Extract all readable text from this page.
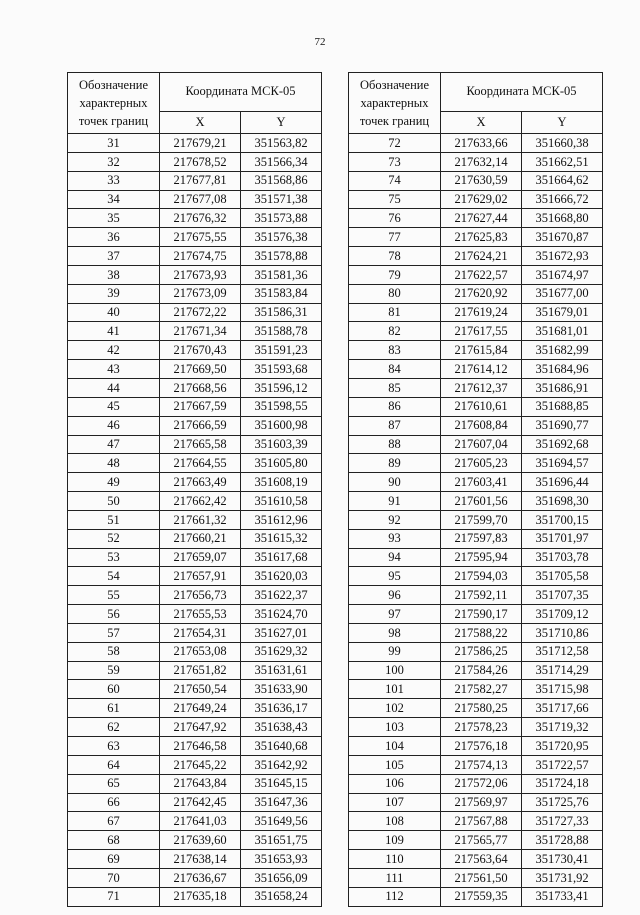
72
Обозначение характерных точек границ	Координата МСК-05	
	X	Y
31	217679,21	351563,82
32	217678,52	351566,34
33	217677,81	351568,86
34	217677,08	351571,38
35	217676,32	351573,88
36	217675,55	351576,38
37	217674,75	351578,88
38	217673,93	351581,36
39	217673,09	351583,84
40	217672,22	351586,31
41	217671,34	351588,78
42	217670,43	351591,23
43	217669,50	351593,68
44	217668,56	351596,12
45	217667,59	351598,55
46	217666,59	351600,98
47	217665,58	351603,39
48	217664,55	351605,80
49	217663,49	351608,19
50	217662,42	351610,58
51	217661,32	351612,96
52	217660,21	351615,32
53	217659,07	351617,68
54	217657,91	351620,03
55	217656,73	351622,37
56	217655,53	351624,70
57	217654,31	351627,01
58	217653,08	351629,32
59	217651,82	351631,61
60	217650,54	351633,90
61	217649,24	351636,17
62	217647,92	351638,43
63	217646,58	351640,68
64	217645,22	351642,92
65	217643,84	351645,15
66	217642,45	351647,36
67	217641,03	351649,56
68	217639,60	351651,75
69	217638,14	351653,93
70	217636,67	351656,09
71	217635,18	351658,24
Обозначение характерных точек границ	Координата МСК-05	
	X	Y
72	217633,66	351660,38
73	217632,14	351662,51
74	217630,59	351664,62
75	217629,02	351666,72
76	217627,44	351668,80
77	217625,83	351670,87
78	217624,21	351672,93
79	217622,57	351674,97
80	217620,92	351677,00
81	217619,24	351679,01
82	217617,55	351681,01
83	217615,84	351682,99
84	217614,12	351684,96
85	217612,37	351686,91
86	217610,61	351688,85
87	217608,84	351690,77
88	217607,04	351692,68
89	217605,23	351694,57
90	217603,41	351696,44
91	217601,56	351698,30
92	217599,70	351700,15
93	217597,83	351701,97
94	217595,94	351703,78
95	217594,03	351705,58
96	217592,11	351707,35
97	217590,17	351709,12
98	217588,22	351710,86
99	217586,25	351712,58
100	217584,26	351714,29
101	217582,27	351715,98
102	217580,25	351717,66
103	217578,23	351719,32
104	217576,18	351720,95
105	217574,13	351722,57
106	217572,06	351724,18
107	217569,97	351725,76
108	217567,88	351727,33
109	217565,77	351728,88
110	217563,64	351730,41
111	217561,50	351731,92
112	217559,35	351733,41
